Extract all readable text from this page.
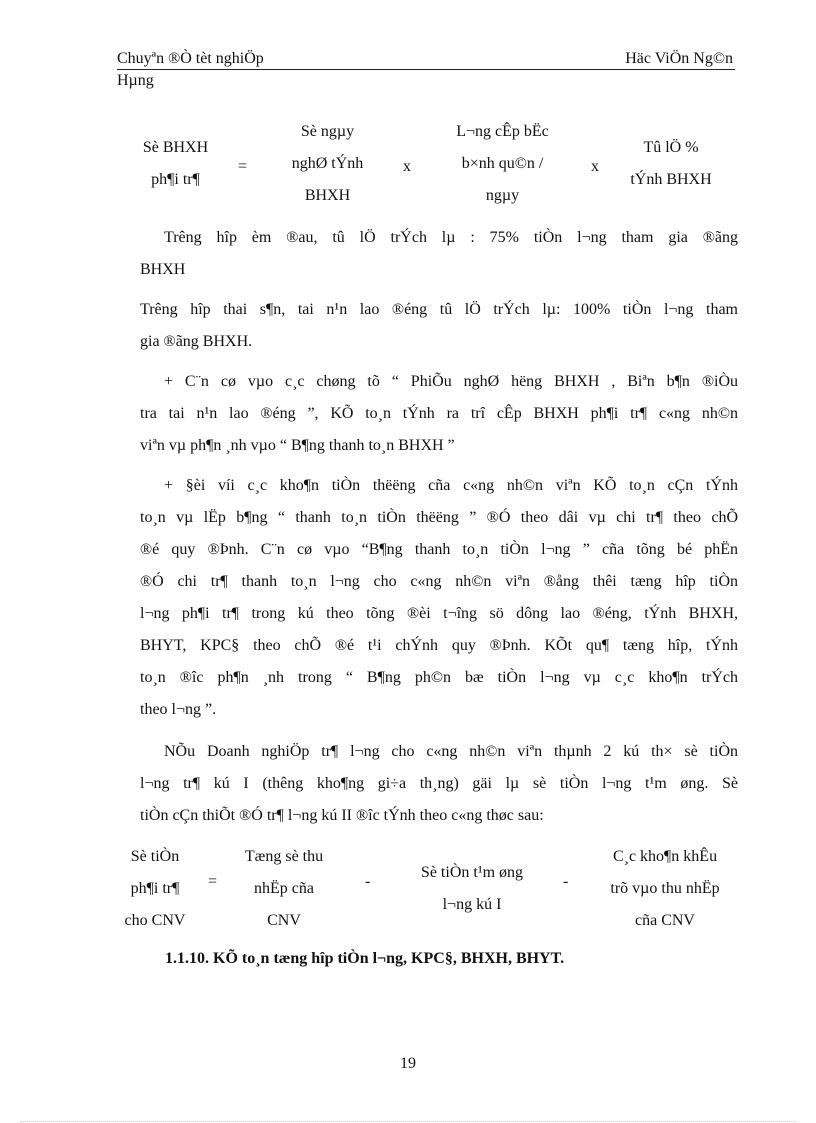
Chuyªn ®Ò tèt nghiÖp	Häc ViÖn Ng©n
Hµng
Sè BHXH
ph¶i tr¶
=
Sè ngµy
nghØ tÝnh
BHXH
x
L¬ng cÊp bËc
b×nh qu©n /
ngµy
x
Tû lÖ %
tÝnh BHXH
Trêng hîp èm ®au, tû lÖ trÝch lµ : 75% tiÒn l¬ng tham gia ®ãng
BHXH
Trêng hîp thai s¶n, tai n¹n lao ®éng tû lÖ trÝch lµ: 100% tiÒn l¬ng tham
gia ®ãng BHXH.
+ C¨n cø vµo c¸c chøng tõ “ PhiÕu nghØ hëng BHXH , Biªn b¶n ®iÒu
tra tai n¹n lao ®éng ”, KÕ to¸n tÝnh ra trî cÊp BHXH ph¶i tr¶ c«ng nh©n
viªn vµ ph¶n ¸nh vµo “ B¶ng thanh to¸n BHXH ”
+ §èi víi c¸c kho¶n tiÒn thëëng cña c«ng nh©n viªn KÕ to¸n cÇn tÝnh
to¸n vµ lËp b¶ng “ thanh to¸n tiÒn thëëng ” ®Ó theo dâi vµ chi tr¶ theo chÕ
®é quy ®Þnh. C¨n cø vµo “B¶ng thanh to¸n tiÒn l¬ng ” cña tõng bé phËn
®Ó chi tr¶ thanh to¸n l¬ng cho c«ng nh©n viªn ®ång thêi tæng hîp tiÒn
l¬ng ph¶i tr¶ trong kú theo tõng ®èi t¬îng sö dông lao ®éng, tÝnh BHXH,
BHYT, KPC§ theo chÕ ®é t¹i chÝnh quy ®Þnh. KÕt qu¶ tæng hîp, tÝnh
to¸n ®îc ph¶n ¸nh trong “ B¶ng ph©n bæ tiÒn l¬ng vµ c¸c kho¶n trÝch
theo l¬ng ”.
NÕu Doanh nghiÖp tr¶ l¬ng cho c«ng nh©n viªn thµnh 2 kú th× sè tiÒn
l¬ng tr¶ kú I (thêng kho¶ng gi÷a th¸ng) gäi lµ sè tiÒn l¬ng t¹m øng. Sè
tiÒn cÇn thiÕt ®Ó tr¶ l¬ng kú II ®îc tÝnh theo c«ng thøc sau:
Sè tiÒn
ph¶i tr¶
cho CNV
=
Tæng sè thu
nhËp cña
CNV
-
Sè tiÒn t¹m øng
l¬ng kú I
-
C¸c kho¶n khÊu
trõ vµo thu nhËp
cña CNV
1.1.10. KÕ to¸n tæng hîp tiÒn l¬ng, KPC§, BHXH, BHYT.
19
